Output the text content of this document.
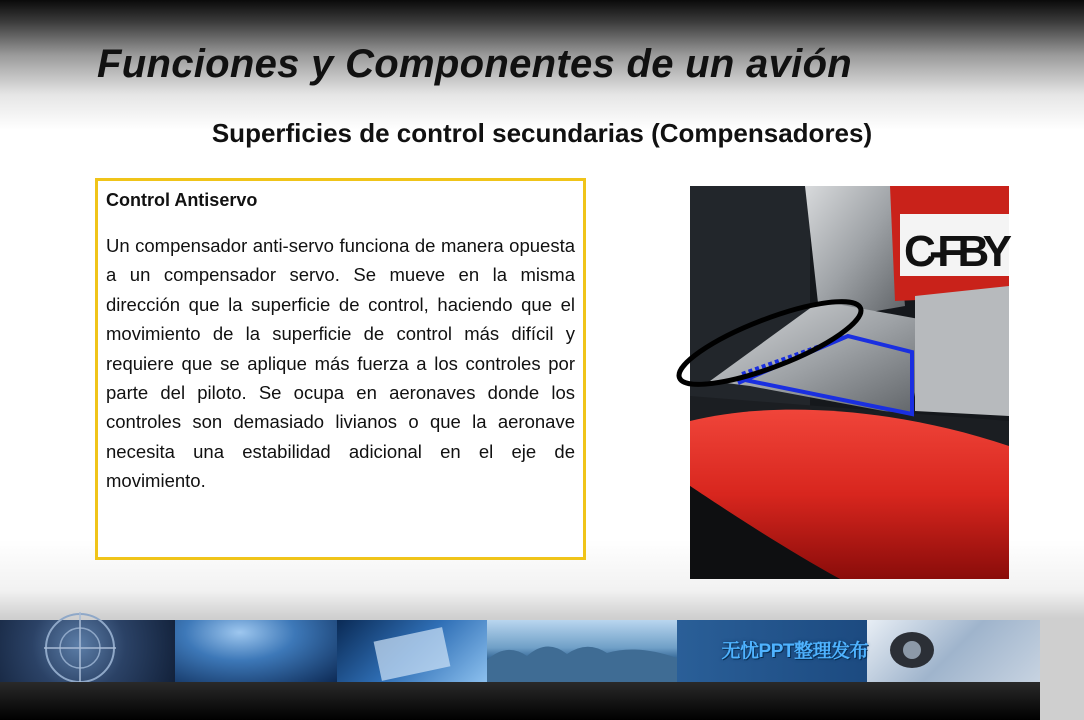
Funciones y Componentes de un avión
Superficies de control secundarias (Compensadores)

Control Antiservo

Un compensador anti-servo funciona de manera opuesta a un compensador servo. Se mueve en la misma dirección que la superficie de control, haciendo que el movimiento de la superficie de control más difícil y requiere que se aplique más fuerza a los controles por parte del piloto. Se ocupa en aeronaves donde los controles son demasiado livianos o que la aeronave necesita una estabilidad adicional en el eje de movimiento.

C-FBY
无忧PPT整理发布
